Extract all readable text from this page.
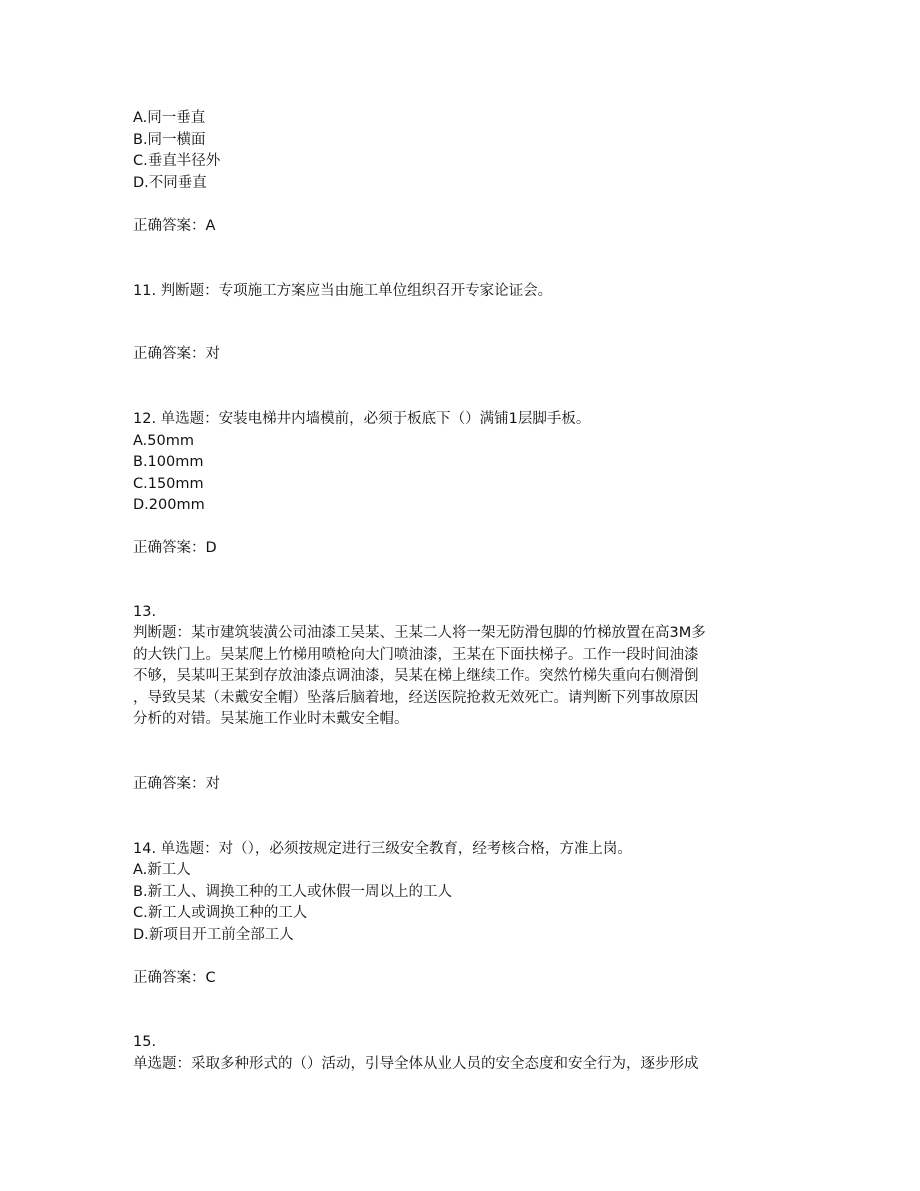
A.同一垂直
B.同一横面
C.垂直半径外
D.不同垂直
正确答案：A
11. 判断题：专项施工方案应当由施工单位组织召开专家论证会。
正确答案：对
12. 单选题：安装电梯井内墙模前，必须于板底下（）满铺1层脚手板。
A.50mm
B.100mm
C.150mm
D.200mm
正确答案：D
13.

判断题：某市建筑装潢公司油漆工吴某、王某二人将一架无防滑包脚的竹梯放置在高3M多

的大铁门上。吴某爬上竹梯用喷枪向大门喷油漆，王某在下面扶梯子。工作一段时间油漆

不够，吴某叫王某到存放油漆点调油漆，吴某在梯上继续工作。突然竹梯失重向右侧滑倒

，导致吴某（未戴安全帽）坠落后脑着地，经送医院抢救无效死亡。请判断下列事故原因

分析的对错。吴某施工作业时未戴安全帽。

正确答案：对
14. 单选题：对（），必须按规定进行三级安全教育，经考核合格，方准上岗。
A.新工人
B.新工人、调换工种的工人或休假一周以上的工人
C.新工人或调换工种的工人
D.新项目开工前全部工人
正确答案：C
15.
单选题：采取多种形式的（）活动，引导全体从业人员的安全态度和安全行为，逐步形成
